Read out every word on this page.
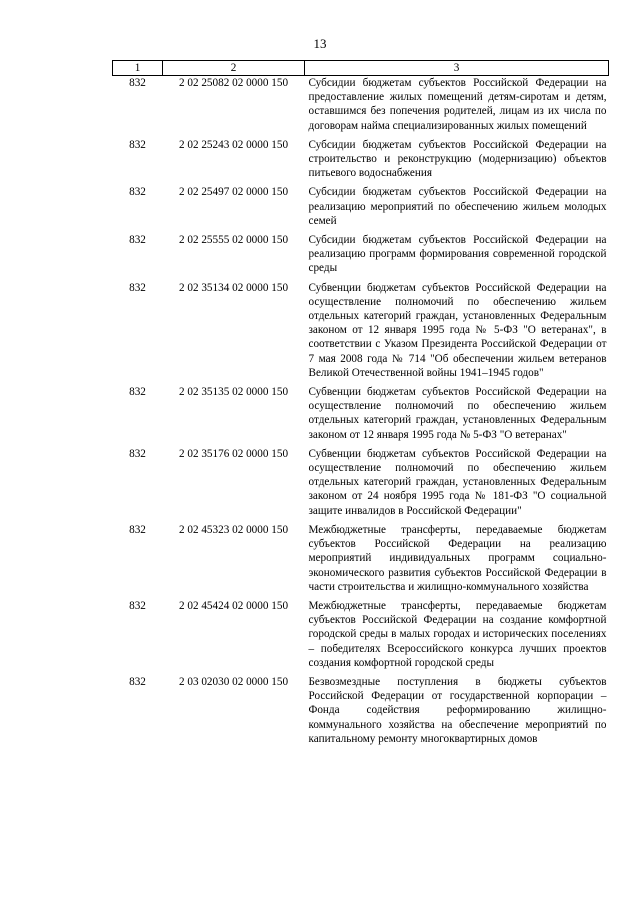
13
1	2	3
832	2 02 25082 02 0000 150	Субсидии бюджетам субъектов Российской Федерации на предоставление жилых помещений детям-сиротам и детям, оставшимся без попечения родителей, лицам из их числа по договорам найма специализированных жилых помещений
832	2 02 25243 02 0000 150	Субсидии бюджетам субъектов Российской Федерации на строительство и реконструкцию (модернизацию) объектов питьевого водоснабжения
832	2 02 25497 02 0000 150	Субсидии бюджетам субъектов Российской Федерации на реализацию мероприятий по обеспечению жильем молодых семей
832	2 02 25555 02 0000 150	Субсидии бюджетам субъектов Российской Федерации на реализацию программ формирования современной городской среды
832	2 02 35134 02 0000 150	Субвенции бюджетам субъектов Российской Федерации на осуществление полномочий по обеспечению жильем отдельных категорий граждан, установленных Федеральным законом от 12 января 1995 года № 5-ФЗ "О ветеранах", в соответствии с Указом Президента Российской Федерации от 7 мая 2008 года № 714 "Об обеспечении жильем ветеранов Великой Отечественной войны 1941–1945 годов"
832	2 02 35135 02 0000 150	Субвенции бюджетам субъектов Российской Федерации на осуществление полномочий по обеспечению жильем отдельных категорий граждан, установленных Федеральным законом от 12 января 1995 года № 5-ФЗ "О ветеранах"
832	2 02 35176 02 0000 150	Субвенции бюджетам субъектов Российской Федерации на осуществление полномочий по обеспечению жильем отдельных категорий граждан, установленных Федеральным законом от 24 ноября 1995 года № 181-ФЗ "О социальной защите инвалидов в Российской Федерации"
832	2 02 45323 02 0000 150	Межбюджетные трансферты, передаваемые бюджетам субъектов Российской Федерации на реализацию мероприятий индивидуальных программ социально-экономического развития субъектов Российской Федерации в части строительства и жилищно-коммунального хозяйства
832	2 02 45424 02 0000 150	Межбюджетные трансферты, передаваемые бюджетам субъектов Российской Федерации на создание комфортной городской среды в малых городах и исторических поселениях – победителях Всероссийского конкурса лучших проектов создания комфортной городской среды
832	2 03 02030 02 0000 150	Безвозмездные поступления в бюджеты субъектов Российской Федерации от государственной корпорации – Фонда содействия реформированию жилищно-коммунального хозяйства на обеспечение мероприятий по капитальному ремонту многоквартирных домов
